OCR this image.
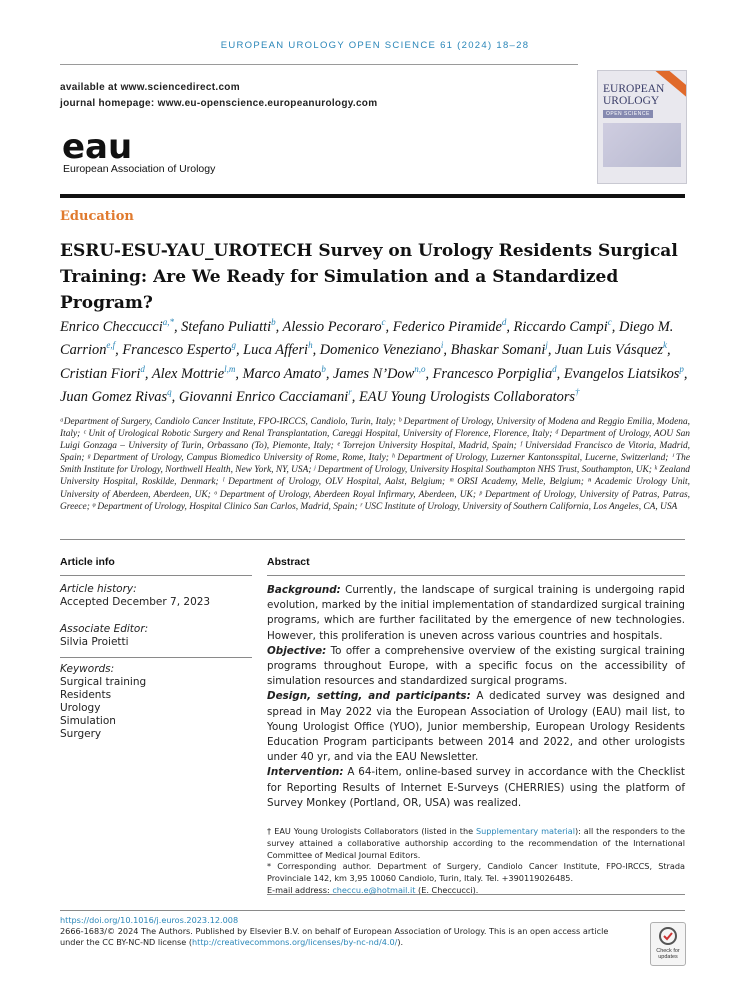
EUROPEAN UROLOGY OPEN SCIENCE 61 (2024) 18–28
available at www.sciencedirect.com
journal homepage: www.eu-openscience.europeanurology.com
eau
European Association of Urology
EUROPEAN
UROLOGY
OPEN SCIENCE
Education
ESRU-ESU-YAU_UROTECH Survey on Urology Residents Surgical Training: Are We Ready for Simulation and a Standardized Program?
Enrico Checcucci$^{a,*}$, Stefano Puliatti$^b$, Alessio Pecoraro$^c$, Federico Piramide$^d$, Riccardo Campi$^c$, Diego M. Carrion$^{e,f}$, Francesco Esperto$^g$, Luca Afferi$^h$, Domenico Veneziano$^i$, Bhaskar Somani$^j$, Juan Luis Vásquez$^k$, Cristian Fiori$^d$, Alex Mottrie$^{l,m}$, Marco Amato$^b$, James N’Dow$^{n,o}$, Francesco Porpiglia$^d$, Evangelos Liatsikos$^p$, Juan Gomez Rivas$^q$, Giovanni Enrico Cacciamani$^r$, EAU Young Urologists Collaborators†
ᵃDepartment of Surgery, Candiolo Cancer Institute, FPO-IRCCS, Candiolo, Turin, Italy; ᵇ Department of Urology, University of Modena and Reggio Emilia, Modena, Italy; ᶜ Unit of Urological Robotic Surgery and Renal Transplantation, Careggi Hospital, University of Florence, Florence, Italy; ᵈ Department of Urology, AOU San Luigi Gonzaga – University of Turin, Orbassano (To), Piemonte, Italy; ᵉ Torrejon University Hospital, Madrid, Spain; ᶠ Universidad Francisco de Vitoria, Madrid, Spain; ᵍ Department of Urology, Campus Biomedico University of Rome, Rome, Italy; ʰ Department of Urology, Luzerner Kantonsspital, Lucerne, Switzerland; ⁱ The Smith Institute for Urology, Northwell Health, New York, NY, USA; ʲ Department of Urology, University Hospital Southampton NHS Trust, Southampton, UK; ᵏ Zealand University Hospital, Roskilde, Denmark; ˡ Department of Urology, OLV Hospital, Aalst, Belgium; ᵐ ORSI Academy, Melle, Belgium; ⁿ Academic Urology Unit, University of Aberdeen, Aberdeen, UK; ᵒ Department of Urology, Aberdeen Royal Infirmary, Aberdeen, UK; ᵖ Department of Urology, University of Patras, Patras, Greece; ᵠ Department of Urology, Hospital Clinico San Carlos, Madrid, Spain; ʳ USC Institute of Urology, University of Southern California, Los Angeles, CA, USA
Article info
Article history:
Accepted December 7, 2023
Associate Editor:
Silvia Proietti
Keywords:
Surgical training
Residents
Urology
Simulation
Surgery
Abstract

Background: Currently, the landscape of surgical training is undergoing rapid evolution, marked by the initial implementation of standardized surgical training programs, which are further facilitated by the emergence of new technologies. However, this proliferation is uneven across various countries and hospitals.

Objective: To offer a comprehensive overview of the existing surgical training programs throughout Europe, with a specific focus on the accessibility of simulation resources and standardized surgical programs.

Design, setting, and participants: A dedicated survey was designed and spread in May 2022 via the European Association of Urology (EAU) mail list, to Young Urologist Office (YUO), Junior membership, European Urology Residents Education Program participants between 2014 and 2022, and other urologists under 40 yr, and via the EAU Newsletter.

Intervention: A 64-item, online-based survey in accordance with the Checklist for Reporting Results of Internet E-Surveys (CHERRIES) using the platform of Survey Monkey (Portland, OR, USA) was realized.

† EAU Young Urologists Collaborators (listed in the Supplementary material): all the responders to the survey attained a collaborative authorship according to the recommendation of the International Committee of Medical Journal Editors.

* Corresponding author. Department of Surgery, Candiolo Cancer Institute, FPO-IRCCS, Strada Provinciale 142, km 3,95 10060 Candiolo, Turin, Italy. Tel. +390119026485.

E-mail address: checcu.e@hotmail.it (E. Checcucci).

https://doi.org/10.1016/j.euros.2023.12.008
2666-1683/© 2024 The Authors. Published by Elsevier B.V. on behalf of European Association of Urology. This is an open access article
under the CC BY-NC-ND license (http://creativecommons.org/licenses/by-nc-nd/4.0/).
Check for updates
